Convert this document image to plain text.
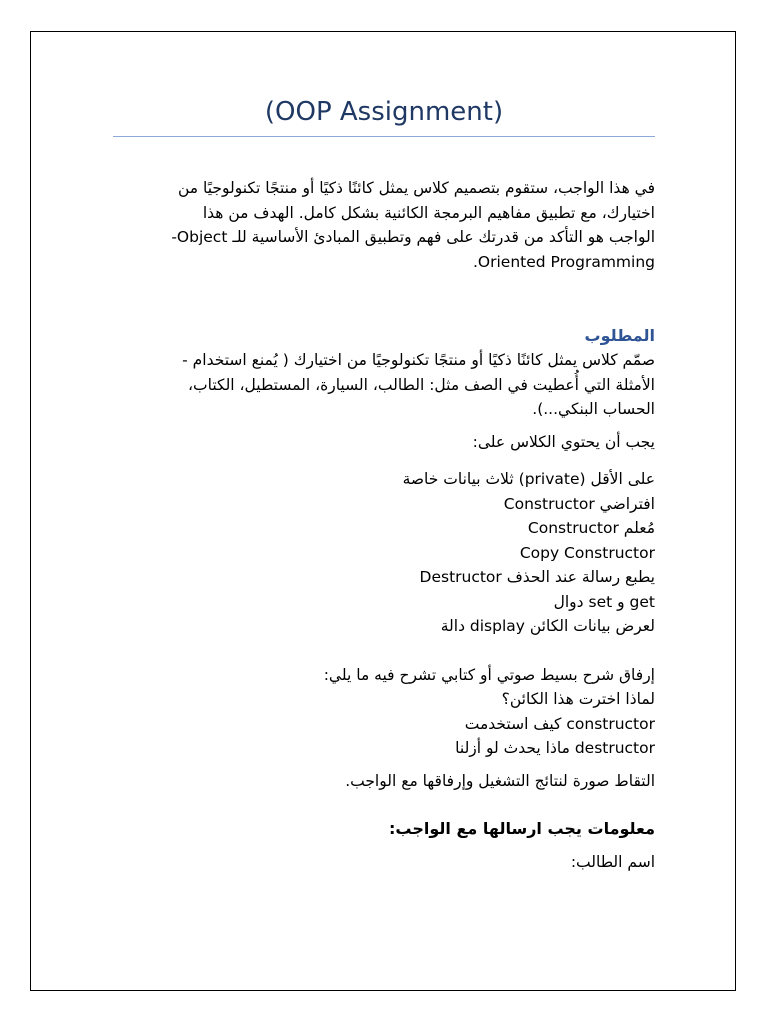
(OOP Assignment)

في هذا الواجب، ستقوم بتصميم كلاس يمثل كائنًا ذكيًا أو منتجًا تكنولوجيًا من

اختيارك، مع تطبيق مفاهيم البرمجة الكائنية بشكل كامل. الهدف من هذا

الواجب هو التأكد من قدرتك على فهم وتطبيق المبادئ الأساسية للـ Object-

Oriented Programming.

المطلوب

صمّم كلاس يمثل كائنًا ذكيًا أو منتجًا تكنولوجيًا من اختيارك ( يُمنع استخدام -

الأمثلة التي أُعطيت في الصف مثل: الطالب، السيارة، المستطيل، الكتاب،

الحساب البنكي...).

يجب أن يحتوي الكلاس على:

على الأقل (private) ثلاث بيانات خاصة

افتراضي Constructor

مُعلم Constructor

Copy Constructor

يطبع رسالة عند الحذف Destructor

get و set دوال

لعرض بيانات الكائن display دالة

إرفاق شرح بسيط صوتي أو كتابي تشرح فيه ما يلي:

لماذا اخترت هذا الكائن؟

constructor كيف استخدمت

destructor ماذا يحدث لو أزلنا

التقاط صورة لنتائج التشغيل وإرفاقها مع الواجب.

معلومات يجب ارسالها مع الواجب:

اسم الطالب:
